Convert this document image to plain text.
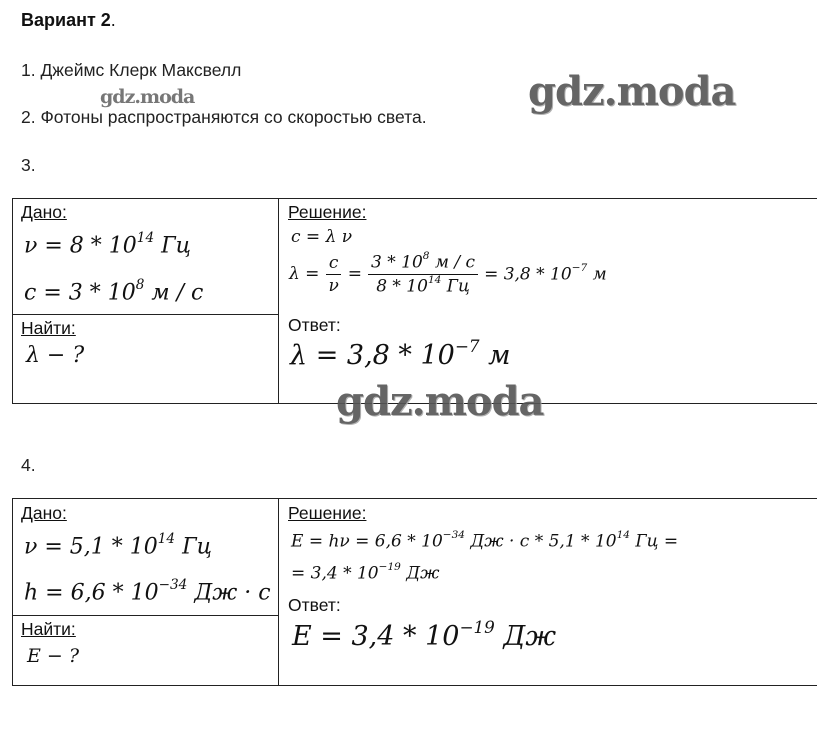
Вариант 2.
1. Джеймс Клерк Максвелл
gdz.moda	gdz.moda
2. Фотоны распространяются со скоростью света.
3.
Дано:
$\nu = 8 * 10^{14}$ Гц
$c = 3 * 10^8$ м / с
Найти:
λ − ?
Решение:
c = λ ν
$\lambda = \frac{c}{\nu} = \frac{3 * 10^8 м / с}{8 * 10^{14} Гц} = 3,8 * 10^{-7}$ м
Ответ:
$\lambda = 3,8 * 10^{-7}$ м
gdz.moda
4.
Дано:
$\nu = 5,1 * 10^{14}$ Гц
$h = 6,6 * 10^{-34}$ Дж · с
Найти:
E − ?
Решение:
$E = h\nu = 6,6 * 10^{-34}$ Дж · с * $5,1 * 10^{14}$ Гц =
= $3,4 * 10^{-19}$ Дж
Ответ:
$E = 3,4 * 10^{-19}$ Дж
